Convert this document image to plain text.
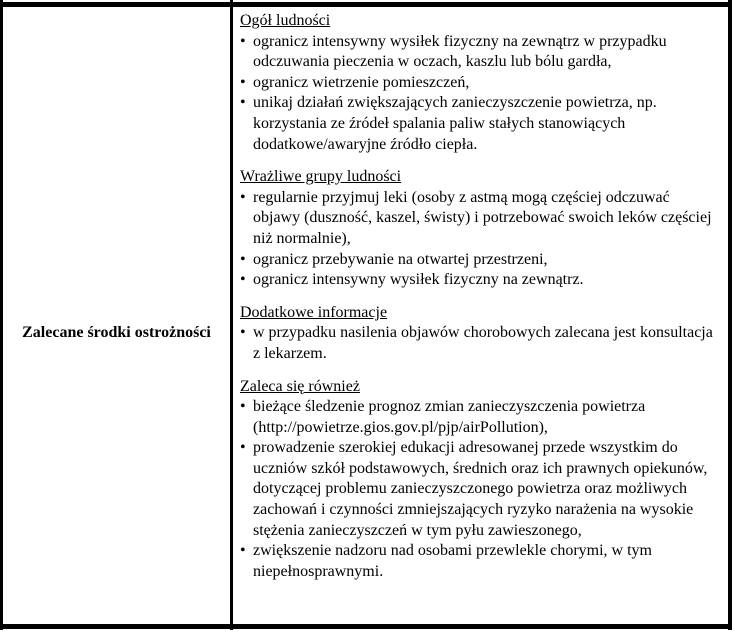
Zalecane środki ostrożności
Ogół ludności
• ogranicz intensywny wysiłek fizyczny na zewnątrz w przypadku odczuwania pieczenia w oczach, kaszlu lub bólu gardła,
• ogranicz wietrzenie pomieszczeń,
• unikaj działań zwiększających zanieczyszczenie powietrza, np. korzystania ze źródeł spalania paliw stałych stanowiących dodatkowe/awaryjne źródło ciepła.
Wrażliwe grupy ludności
• regularnie przyjmuj leki (osoby z astmą mogą częściej odczuwać objawy (duszność, kaszel, świsty) i potrzebować swoich leków częściej niż normalnie),
• ogranicz przebywanie na otwartej przestrzeni,
• ogranicz intensywny wysiłek fizyczny na zewnątrz.
Dodatkowe informacje
• w przypadku nasilenia objawów chorobowych zalecana jest konsultacja z lekarzem.
Zaleca się również
• bieżące śledzenie prognoz zmian zanieczyszczenia powietrza (http://powietrze.gios.gov.pl/pjp/airPollution),
• prowadzenie szerokiej edukacji adresowanej przede wszystkim do uczniów szkół podstawowych, średnich oraz ich prawnych opiekunów, dotyczącej problemu zanieczyszczonego powietrza oraz możliwych zachowań i czynności zmniejszających ryzyko narażenia na wysokie stężenia zanieczyszczeń w tym pyłu zawieszonego,
• zwiększenie nadzoru nad osobami przewlekle chorymi, w tym niepełnosprawnymi.
